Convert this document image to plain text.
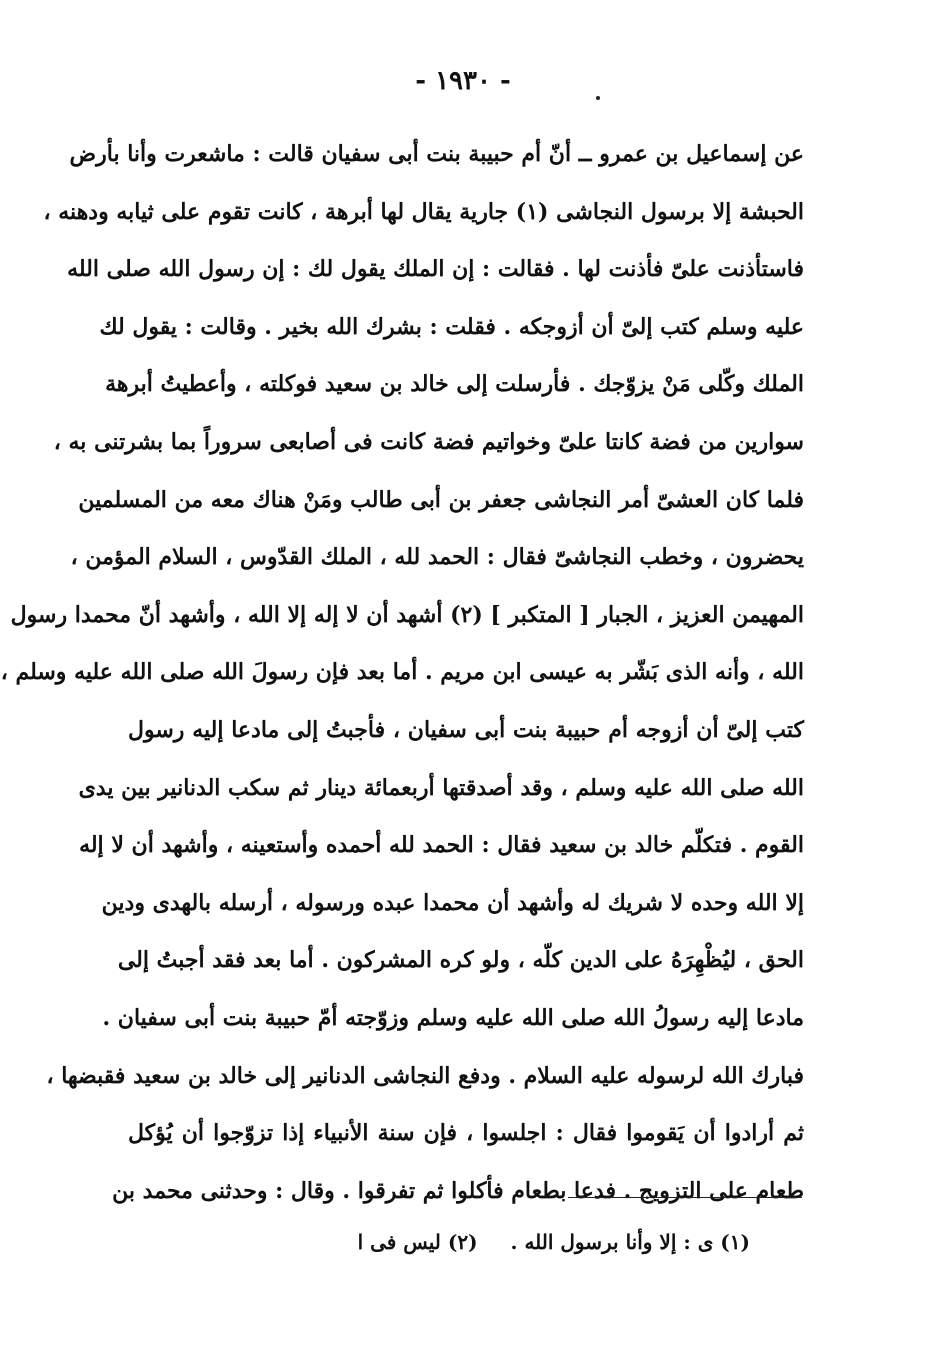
- ١٩٣٠ -
عن إسماعيل بن عمرو ــ أنّ أم حبيبة بنت أبى سفيان قالت : ماشعرت وأنا بأرض
الحبشة إلا برسول النجاشى (١) جارية يقال لها أبرهة ، كانت تقوم على ثيابه ودهنه ،
فاستأذنت علىّ فأذنت لها . فقالت : إن الملك يقول لك : إن رسول الله صلى الله
عليه وسلم كتب إلىّ أن أزوجكه . فقلت : بشرك الله بخير . وقالت : يقول لك
الملك وكّلى مَنْ يزوّجك . فأرسلت إلى خالد بن سعيد فوكلته ، وأعطيتُ أبرهة
سوارين من فضة كانتا علىّ وخواتيم فضة كانت فى أصابعى سروراً بما بشرتنى به ،
فلما كان العشىّ أمر النجاشى جعفر بن أبى طالب ومَنْ هناك معه من المسلمين
يحضرون ، وخطب النجاشىّ فقال : الحمد لله ، الملك القدّوس ، السلام المؤمن ،
المهيمن العزيز ، الجبار [ المتكبر ] (٢) أشهد أن لا إله إلا الله ، وأشهد أنّ محمدا رسول
الله ، وأنه الذى بَشّر به عيسى ابن مريم . أما بعد فإن رسولَ الله صلى الله عليه وسلم ،
كتب إلىّ أن أزوجه أم حبيبة بنت أبى سفيان ، فأجبتُ إلى مادعا إليه رسول
الله صلى الله عليه وسلم ، وقد أصدقتها أربعمائة دينار ثم سكب الدنانير بين يدى
القوم . فتكلّم خالد بن سعيد فقال : الحمد لله أحمده وأستعينه ، وأشهد أن لا إله
إلا الله وحده لا شريك له وأشهد أن محمدا عبده ورسوله ، أرسله بالهدى ودين
الحق ، ليُظْهِرَهُ على الدين كلّه ، ولو كره المشركون . أما بعد فقد أجبتُ إلى
مادعا إليه رسولُ الله صلى الله عليه وسلم وزوّجته أمّ حبيبة بنت أبى سفيان .
فبارك الله لرسوله عليه السلام . ودفع النجاشى الدنانير إلى خالد بن سعيد فقبضها ،
ثم أرادوا أن يَقوموا فقال : اجلسوا ، فإن سنة الأنبياء إذا تزوّجوا أن يُؤكل
طعام على التزويج . فدعا بطعام فأكلوا ثم تفرقوا . وقال : وحدثنى محمد بن
(١) ى : إلا وأنا برسول الله . (٢) ليس فى ا
